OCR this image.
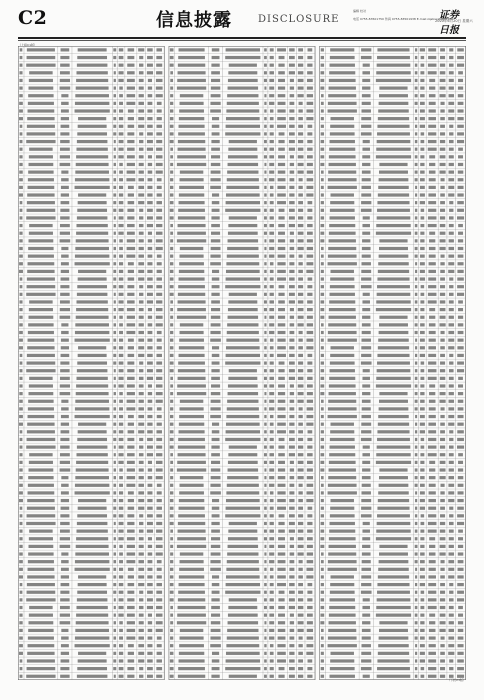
C2	信息披露	DISCLOSURE
编辑 校对
电话 0755-83501750 传真 0755-83501938 E-mail:zqsbxx@zqrb.net
证券日报
2020年6月20日 星期六
（上接C1版）
（下转C3版）
